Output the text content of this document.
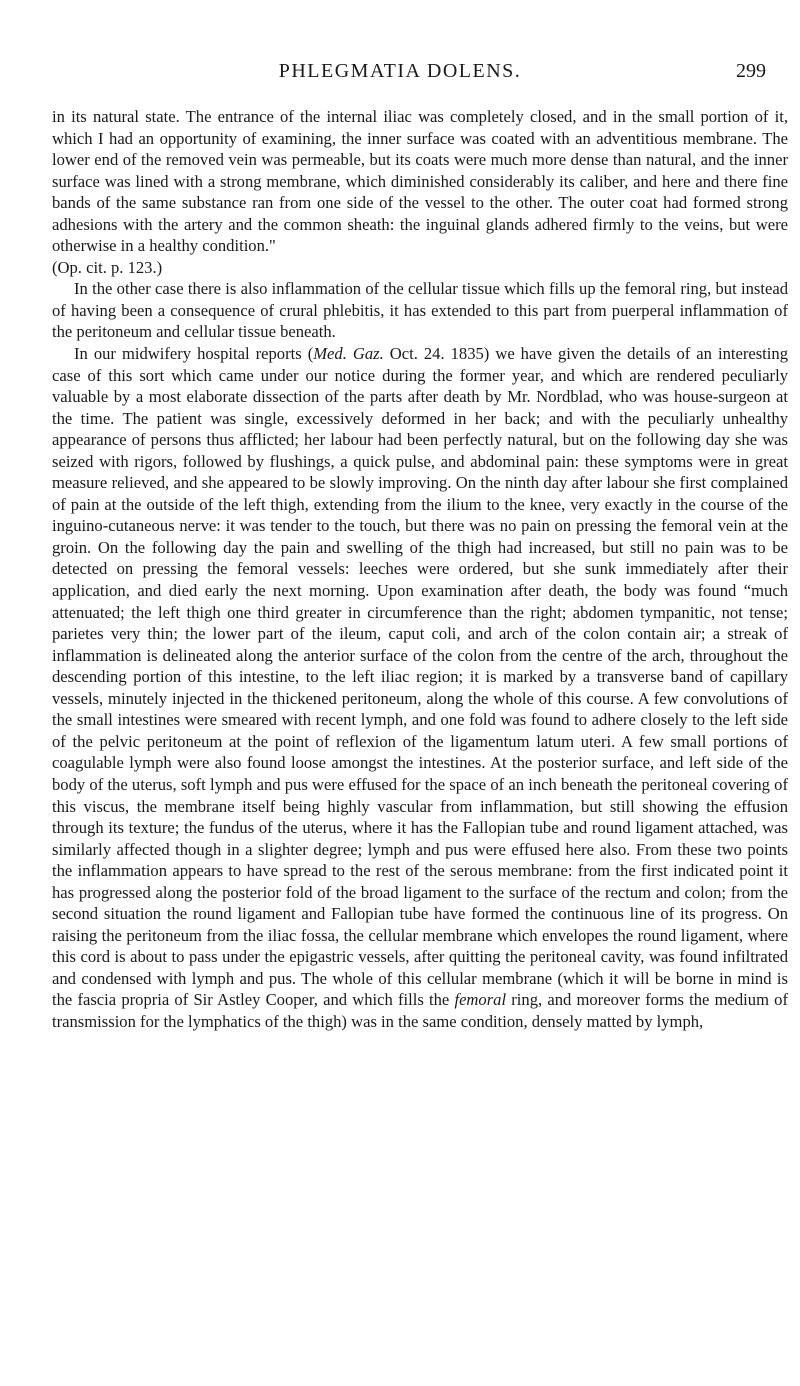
PHLEGMATIA DOLENS.	299

in its natural state. The entrance of the internal iliac was completely closed, and in the small portion of it, which I had an opportunity of examining, the inner surface was coated with an adventitious membrane. The lower end of the removed vein was permeable, but its coats were much more dense than natural, and the inner surface was lined with a strong membrane, which diminished considerably its caliber, and here and there fine bands of the same substance ran from one side of the vessel to the other. The outer coat had formed strong adhesions with the artery and the common sheath: the inguinal glands adhered firmly to the veins, but were otherwise in a healthy condition."
(Op. cit. p. 123.)

In the other case there is also inflammation of the cellular tissue which fills up the femoral ring, but instead of having been a consequence of crural phlebitis, it has extended to this part from puerperal inflammation of the peritoneum and cellular tissue beneath.

In our midwifery hospital reports (Med. Gaz. Oct. 24. 1835) we have given the details of an interesting case of this sort which came under our notice during the former year, and which are rendered peculiarly valuable by a most elaborate dissection of the parts after death by Mr. Nordblad, who was house-surgeon at the time. The patient was single, excessively deformed in her back; and with the peculiarly unhealthy appearance of persons thus afflicted; her labour had been perfectly natural, but on the following day she was seized with rigors, followed by flushings, a quick pulse, and abdominal pain: these symptoms were in great measure relieved, and she appeared to be slowly improving. On the ninth day after labour she first complained of pain at the outside of the left thigh, extending from the ilium to the knee, very exactly in the course of the inguino-cutaneous nerve: it was tender to the touch, but there was no pain on pressing the femoral vein at the groin. On the following day the pain and swelling of the thigh had increased, but still no pain was to be detected on pressing the femoral vessels: leeches were ordered, but she sunk immediately after their application, and died early the next morning. Upon examination after death, the body was found “much attenuated; the left thigh one third greater in circumference than the right; abdomen tympanitic, not tense; parietes very thin; the lower part of the ileum, caput coli, and arch of the colon contain air; a streak of inflammation is delineated along the anterior surface of the colon from the centre of the arch, throughout the descending portion of this intestine, to the left iliac region; it is marked by a transverse band of capillary vessels, minutely injected in the thickened peritoneum, along the whole of this course. A few convolutions of the small intestines were smeared with recent lymph, and one fold was found to adhere closely to the left side of the pelvic peritoneum at the point of reflexion of the ligamentum latum uteri. A few small portions of coagulable lymph were also found loose amongst the intestines. At the posterior surface, and left side of the body of the uterus, soft lymph and pus were effused for the space of an inch beneath the peritoneal covering of this viscus, the membrane itself being highly vascular from inflammation, but still showing the effusion through its texture; the fundus of the uterus, where it has the Fallopian tube and round ligament attached, was similarly affected though in a slighter degree; lymph and pus were effused here also. From these two points the inflammation appears to have spread to the rest of the serous membrane: from the first indicated point it has progressed along the posterior fold of the broad ligament to the surface of the rectum and colon; from the second situation the round ligament and Fallopian tube have formed the continuous line of its progress. On raising the peritoneum from the iliac fossa, the cellular membrane which envelopes the round ligament, where this cord is about to pass under the epigastric vessels, after quitting the peritoneal cavity, was found infiltrated and condensed with lymph and pus. The whole of this cellular membrane (which it will be borne in mind is the fascia propria of Sir Astley Cooper, and which fills the femoral ring, and moreover forms the medium of transmission for the lymphatics of the thigh) was in the same condition, densely matted by lymph,
